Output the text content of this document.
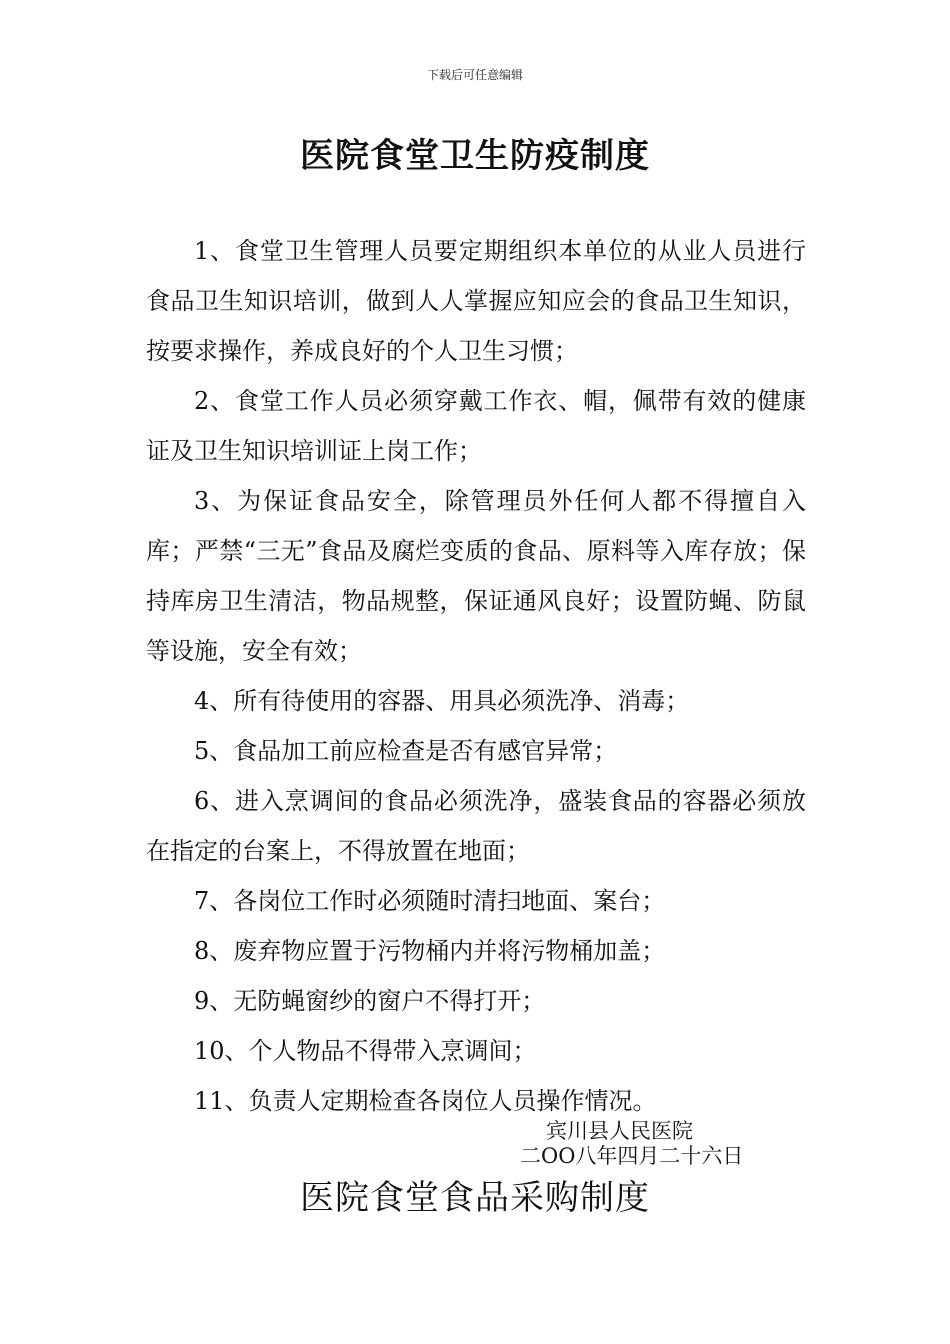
下载后可任意编辑
医院食堂卫生防疫制度

1、食堂卫生管理人员要定期组织本单位的从业人员进行食品卫生知识培训，做到人人掌握应知应会的食品卫生知识，按要求操作，养成良好的个人卫生习惯；

2、食堂工作人员必须穿戴工作衣、帽，佩带有效的健康证及卫生知识培训证上岗工作；

3、为保证食品安全，除管理员外任何人都不得擅自入库；严禁“三无”食品及腐烂变质的食品、原料等入库存放；保持库房卫生清洁，物品规整，保证通风良好；设置防蝇、防鼠等设施，安全有效；

4、所有待使用的容器、用具必须洗净、消毒；

5、食品加工前应检查是否有感官异常；

6、进入烹调间的食品必须洗净，盛装食品的容器必须放在指定的台案上，不得放置在地面；

7、各岗位工作时必须随时清扫地面、案台；

8、废弃物应置于污物桶内并将污物桶加盖；

9、无防蝇窗纱的窗户不得打开；

10、个人物品不得带入烹调间；

11、负责人定期检查各岗位人员操作情况。

宾川县人民医院
二OO八年四月二十六日
医院食堂食品采购制度
